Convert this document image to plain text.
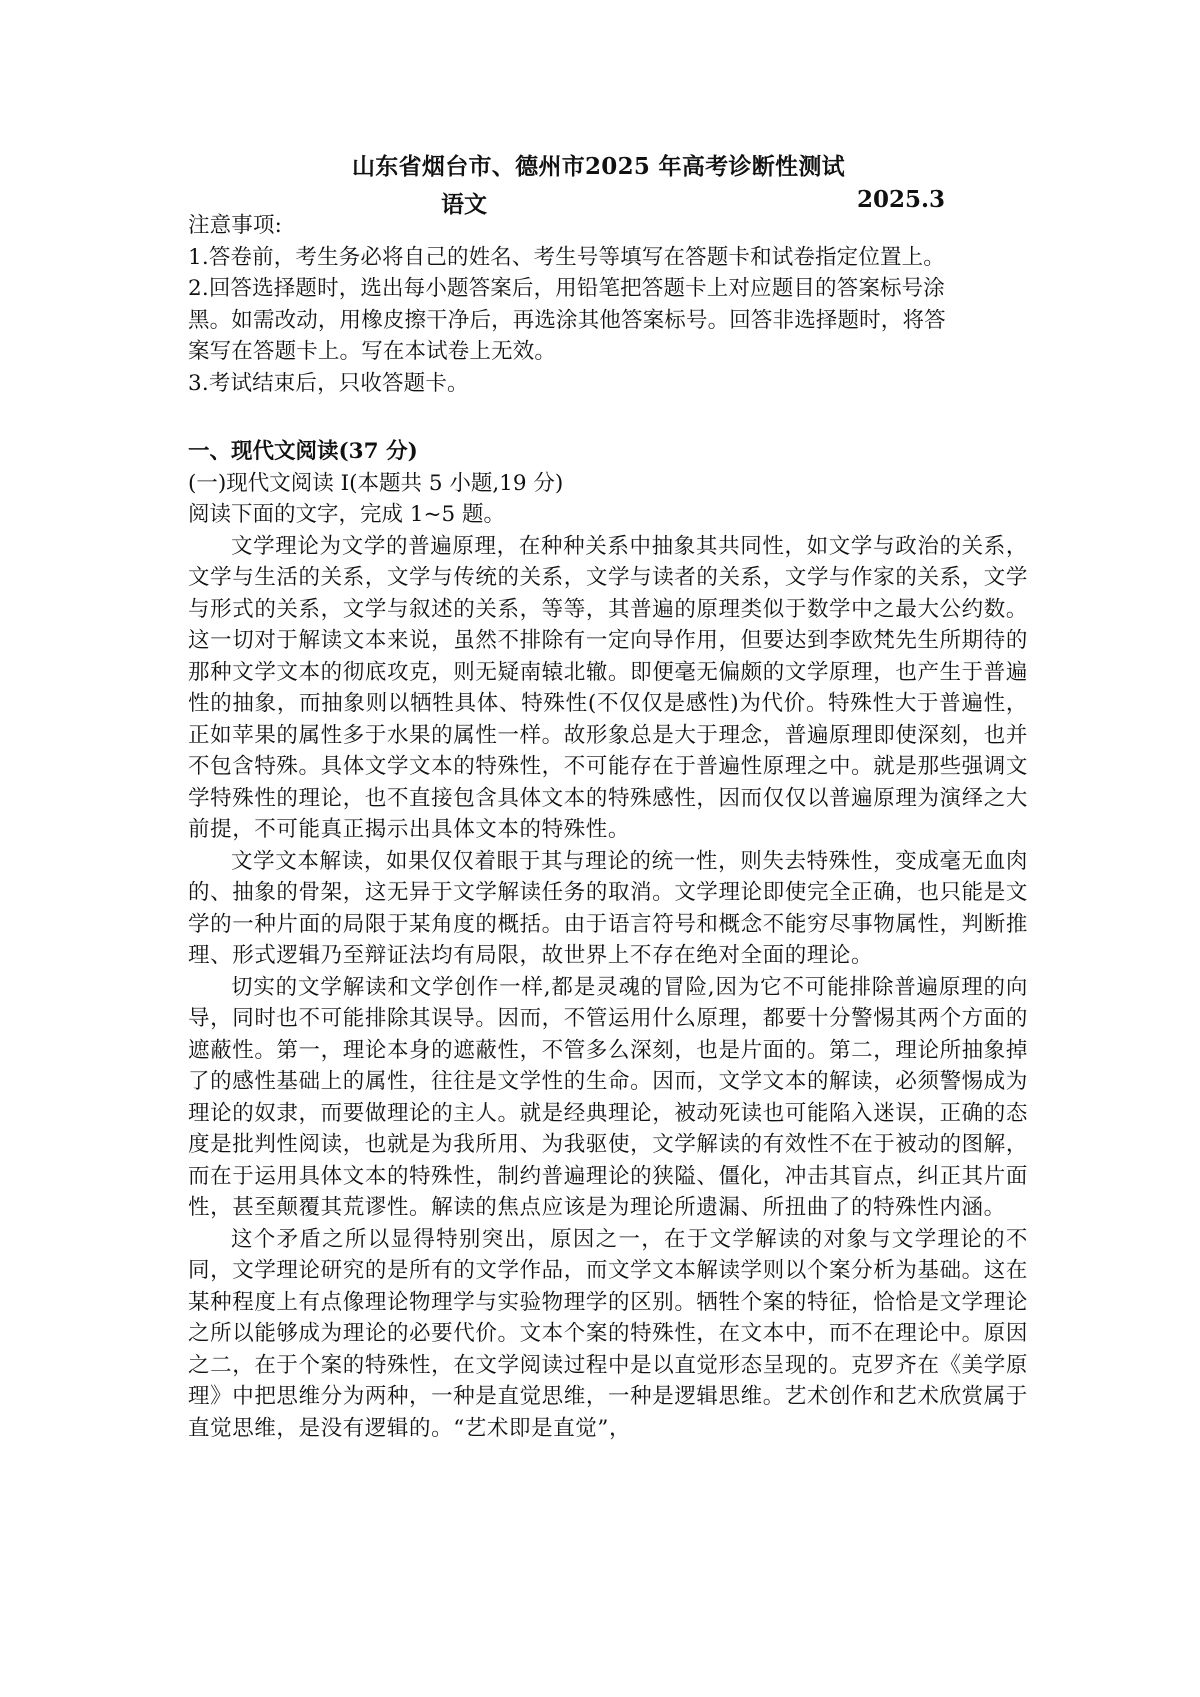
山东省烟台市、德州市2025 年高考诊断性测试
语文	2025.3
注意事项:
1.答卷前，考生务必将自己的姓名、考生号等填写在答题卡和试卷指定位置上。
2.回答选择题时，选出每小题答案后，用铅笔把答题卡上对应题目的答案标号涂
黑。如需改动，用橡皮擦干净后，再选涂其他答案标号。回答非选择题时，将答
案写在答题卡上。写在本试卷上无效。
3.考试结束后，只收答题卡。
一、现代文阅读(37 分)
(一)现代文阅读 I(本题共 5 小题,19 分)
阅读下面的文字，完成 1~5 题。

文学理论为文学的普遍原理，在种种关系中抽象其共同性，如文学与政治的关系，文学与生活的关系，文学与传统的关系，文学与读者的关系，文学与作家的关系，文学与形式的关系，文学与叙述的关系，等等，其普遍的原理类似于数学中之最大公约数。这一切对于解读文本来说，虽然不排除有一定向导作用，但要达到李欧梵先生所期待的那种文学文本的彻底攻克，则无疑南辕北辙。即便毫无偏颇的文学原理，也产生于普遍性的抽象，而抽象则以牺牲具体、特殊性(不仅仅是感性)为代价。特殊性大于普遍性，正如苹果的属性多于水果的属性一样。故形象总是大于理念，普遍原理即使深刻，也并不包含特殊。具体文学文本的特殊性，不可能存在于普遍性原理之中。就是那些强调文学特殊性的理论，也不直接包含具体文本的特殊感性，因而仅仅以普遍原理为演绎之大前提，不可能真正揭示出具体文本的特殊性。

文学文本解读，如果仅仅着眼于其与理论的统一性，则失去特殊性，变成毫无血肉的、抽象的骨架，这无异于文学解读任务的取消。文学理论即使完全正确，也只能是文学的一种片面的局限于某角度的概括。由于语言符号和概念不能穷尽事物属性，判断推理、形式逻辑乃至辩证法均有局限，故世界上不存在绝对全面的理论。

切实的文学解读和文学创作一样,都是灵魂的冒险,因为它不可能排除普遍原理的向导，同时也不可能排除其误导。因而，不管运用什么原理，都要十分警惕其两个方面的遮蔽性。第一，理论本身的遮蔽性，不管多么深刻，也是片面的。第二，理论所抽象掉了的感性基础上的属性，往往是文学性的生命。因而，文学文本的解读，必须警惕成为理论的奴隶，而要做理论的主人。就是经典理论，被动死读也可能陷入迷误，正确的态度是批判性阅读，也就是为我所用、为我驱使，文学解读的有效性不在于被动的图解，而在于运用具体文本的特殊性，制约普遍理论的狭隘、僵化，冲击其盲点，纠正其片面性，甚至颠覆其荒谬性。解读的焦点应该是为理论所遗漏、所扭曲了的特殊性内涵。

这个矛盾之所以显得特别突出，原因之一，在于文学解读的对象与文学理论的不同，文学理论研究的是所有的文学作品，而文学文本解读学则以个案分析为基础。这在某种程度上有点像理论物理学与实验物理学的区别。牺牲个案的特征，恰恰是文学理论之所以能够成为理论的必要代价。文本个案的特殊性，在文本中，而不在理论中。原因之二，在于个案的特殊性，在文学阅读过程中是以直觉形态呈现的。克罗齐在《美学原理》中把思维分为两种，一种是直觉思维，一种是逻辑思维。艺术创作和艺术欣赏属于直觉思维，是没有逻辑的。“艺术即是直觉”，
